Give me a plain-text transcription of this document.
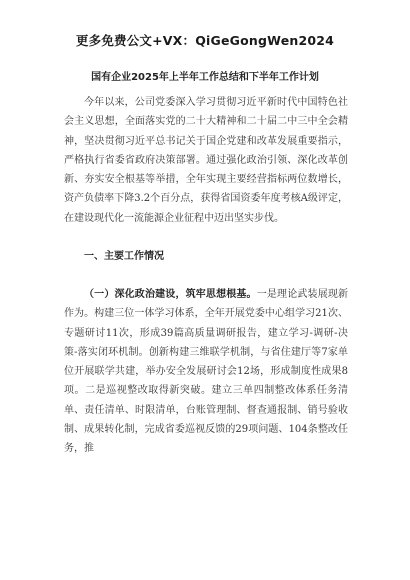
更多免费公文+VX：QiGeGongWen2024
国有企业2025年上半年工作总结和下半年工作计划

今年以来，公司党委深入学习贯彻习近平新时代中国特色社会主义思想，全面落实党的二十大精神和二十届二中三中全会精神，坚决贯彻习近平总书记关于国企党建和改革发展重要指示，严格执行省委省政府决策部署。通过强化政治引领、深化改革创新、夯实安全根基等举措，全年实现主要经营指标两位数增长，资产负债率下降3.2个百分点，获得省国资委年度考核A级评定，在建设现代化一流能源企业征程中迈出坚实步伐。

一、主要工作情况

（一）深化政治建设，筑牢思想根基。一是理论武装展现新作为。构建三位一体学习体系，全年开展党委中心组学习21次、专题研讨11次，形成39篇高质量调研报告，建立学习-调研-决策-落实闭环机制。创新构建三维联学机制，与省住建厅等7家单位开展联学共建，举办安全发展研讨会12场，形成制度性成果8项。二是巡视整改取得新突破。建立三单四制整改体系任务清单、责任清单、时限清单，台账管理制、督查通报制、销号验收制、成果转化制，完成省委巡视反馈的29项问题、104条整改任务，推
